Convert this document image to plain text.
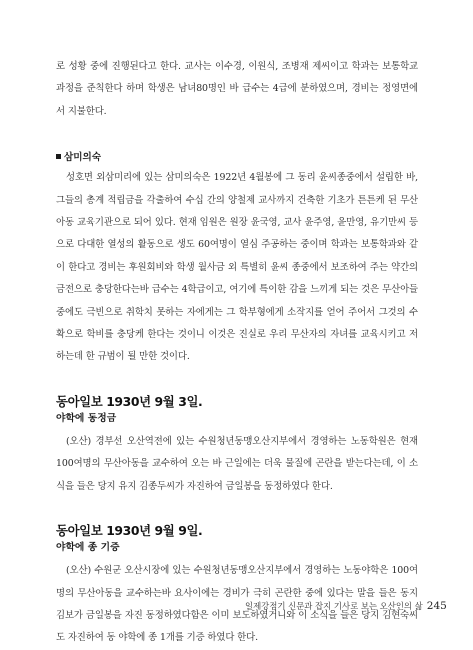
로 성황 중에 진행된다고 한다. 교사는 이수경, 이원식, 조병재 제씨이고 학과는 보통학교 과정을 준칙한다 하며 학생은 남녀80명인 바 급수는 4급에 분하였으며, 경비는 정영면에서 지불한다.

삼미의숙

성호면 외삼미리에 있는 삼미의숙은 1922년 4월봉에 그 동리 윤씨종중에서 설립한 바, 그들의 총계 적립금을 각출하여 수십 간의 양철제 교사까지 건축한 기초가 튼튼케 된 무산아동 교육기관으로 되어 있다. 현재 임원은 원장 윤국영, 교사 윤주영, 윤만영, 유기만씨 등으로 다대한 열성의 활동으로 생도 60여명이 열심 주공하는 중이며 학과는 보통학과와 같이 한다고 경비는 후원회비와 학생 월사금 외 특별히 윤씨 종중에서 보조하여 주는 약간의 금전으로 충당한다는바 급수는 4학급이고, 여기에 특이한 감을 느끼게 되는 것은 무산아들 중에도 극빈으로 취학치 못하는 자에게는 그 학부형에게 소작지를 얻어 주어서 그것의 수확으로 학비를 충당케 한다는 것이니 이것은 진실로 우리 무산자의 자녀를 교육시키고 저 하는데 한 규범이 될 만한 것이다.

동아일보 1930년 9월 3일.
야학에 동정금

(오산) 경부선 오산역전에 있는 수원청년동맹오산지부에서 경영하는 노동학원은 현재 100여명의 무산아동을 교수하여 오는 바 근일에는 더욱 물질에 곤란을 받는다는데, 이 소식을 들은 당지 유지 김종두씨가 자진하여 금일봉을 동정하였다 한다.

동아일보 1930년 9월 9일.
야학에 종 기증

(오산) 수원군 오산시장에 있는 수원청년동맹오산지부에서 경영하는 노동야학은 100여 명의 무산아동을 교수하는바 요사이에는 경비가 극히 곤란한 중에 있다는 말을 들은 동지 김보가 금일봉을 자진 동정하였다함은 이미 보도하였거니와 이 소식을 들은 당지 김현숙씨도 자진하여 동 야학에 종 1개를 기증 하였다 한다.

일제강점기 신문과 잡지 기사로 보는 오산인의 삶 245
